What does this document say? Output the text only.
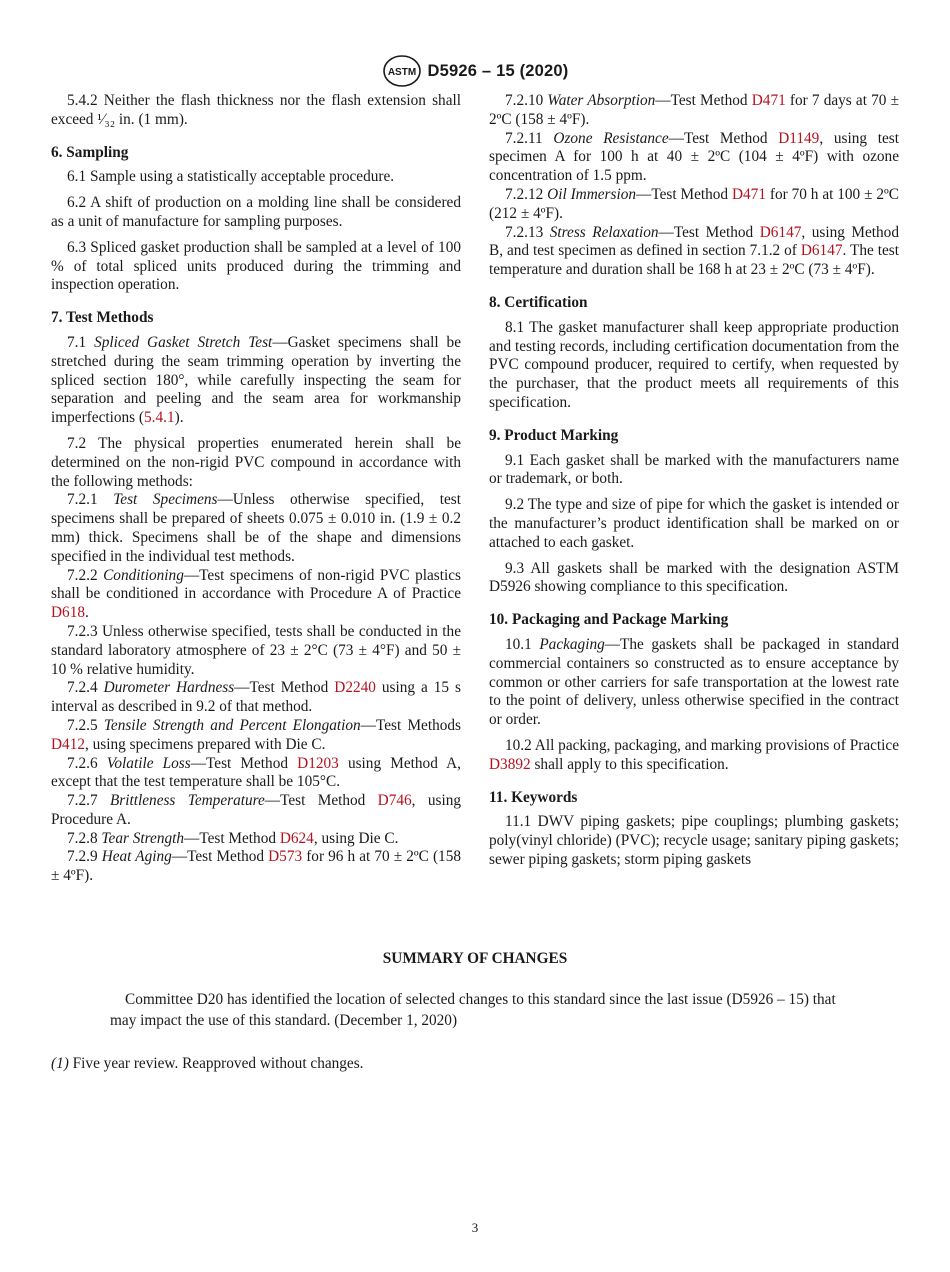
ASTM D5926 – 15 (2020)

5.4.2 Neither the flash thickness nor the flash extension shall exceed ¹⁄₃₂ in. (1 mm).

6. Sampling

6.1 Sample using a statistically acceptable procedure.

6.2 A shift of production on a molding line shall be considered as a unit of manufacture for sampling purposes.

6.3 Spliced gasket production shall be sampled at a level of 100 % of total spliced units produced during the trimming and inspection operation.

7. Test Methods

7.1 Spliced Gasket Stretch Test—Gasket specimens shall be stretched during the seam trimming operation by inverting the spliced section 180°, while carefully inspecting the seam for separation and peeling and the seam area for workmanship imperfections (5.4.1).

7.2 The physical properties enumerated herein shall be determined on the non-rigid PVC compound in accordance with the following methods:

7.2.1 Test Specimens—Unless otherwise specified, test specimens shall be prepared of sheets 0.075 ± 0.010 in. (1.9 ± 0.2 mm) thick. Specimens shall be of the shape and dimensions specified in the individual test methods.

7.2.2 Conditioning—Test specimens of non-rigid PVC plastics shall be conditioned in accordance with Procedure A of Practice D618.

7.2.3 Unless otherwise specified, tests shall be conducted in the standard laboratory atmosphere of 23 ± 2°C (73 ± 4°F) and 50 ± 10 % relative humidity.

7.2.4 Durometer Hardness—Test Method D2240 using a 15 s interval as described in 9.2 of that method.

7.2.5 Tensile Strength and Percent Elongation—Test Methods D412, using specimens prepared with Die C.

7.2.6 Volatile Loss—Test Method D1203 using Method A, except that the test temperature shall be 105°C.

7.2.7 Brittleness Temperature—Test Method D746, using Procedure A.

7.2.8 Tear Strength—Test Method D624, using Die C.

7.2.9 Heat Aging—Test Method D573 for 96 h at 70 ± 2ºC (158 ± 4ºF).

7.2.10 Water Absorption—Test Method D471 for 7 days at 70 ± 2ºC (158 ± 4ºF).

7.2.11 Ozone Resistance—Test Method D1149, using test specimen A for 100 h at 40 ± 2ºC (104 ± 4ºF) with ozone concentration of 1.5 ppm.

7.2.12 Oil Immersion—Test Method D471 for 70 h at 100 ± 2ºC (212 ± 4ºF).

7.2.13 Stress Relaxation—Test Method D6147, using Method B, and test specimen as defined in section 7.1.2 of D6147. The test temperature and duration shall be 168 h at 23 ± 2ºC (73 ± 4ºF).

8. Certification

8.1 The gasket manufacturer shall keep appropriate production and testing records, including certification documentation from the PVC compound producer, required to certify, when requested by the purchaser, that the product meets all requirements of this specification.

9. Product Marking

9.1 Each gasket shall be marked with the manufacturers name or trademark, or both.

9.2 The type and size of pipe for which the gasket is intended or the manufacturer’s product identification shall be marked on or attached to each gasket.

9.3 All gaskets shall be marked with the designation ASTM D5926 showing compliance to this specification.

10. Packaging and Package Marking

10.1 Packaging—The gaskets shall be packaged in standard commercial containers so constructed as to ensure acceptance by common or other carriers for safe transportation at the lowest rate to the point of delivery, unless otherwise specified in the contract or order.

10.2 All packing, packaging, and marking provisions of Practice D3892 shall apply to this specification.

11. Keywords

11.1 DWV piping gaskets; pipe couplings; plumbing gaskets; poly(vinyl chloride) (PVC); recycle usage; sanitary piping gaskets; sewer piping gaskets; storm piping gaskets

SUMMARY OF CHANGES
Committee D20 has identified the location of selected changes to this standard since the last issue (D5926 – 15) that may impact the use of this standard. (December 1, 2020)
(1) Five year review. Reapproved without changes.
3
